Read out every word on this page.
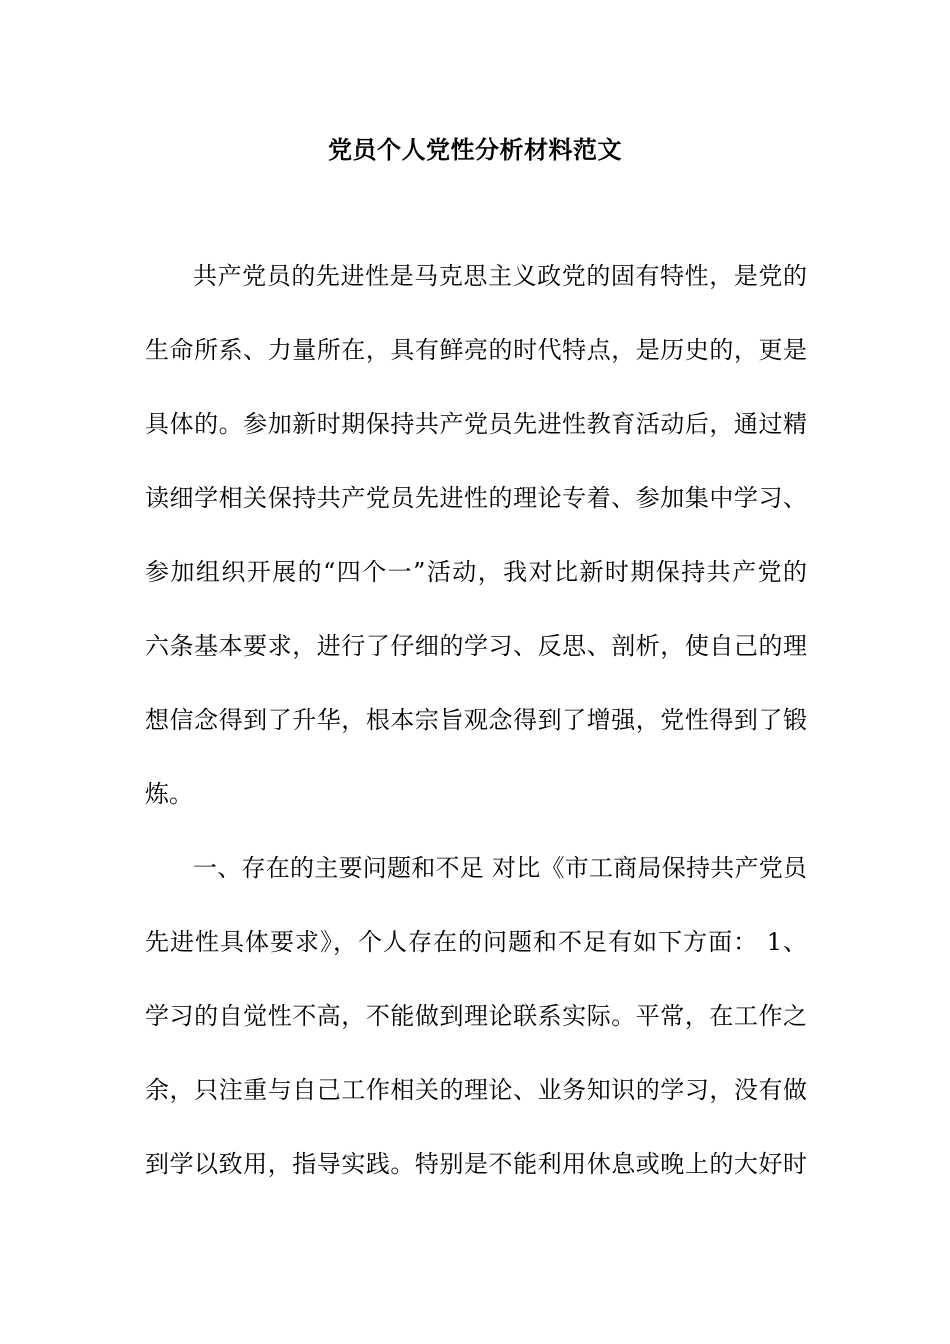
党员个人党性分析材料范文
共产党员的先进性是马克思主义政党的固有特性，是党的
生命所系、力量所在，具有鲜亮的时代特点，是历史的，更是
具体的。参加新时期保持共产党员先进性教育活动后，通过精
读细学相关保持共产党员先进性的理论专着、参加集中学习、
参加组织开展的“四个一”活动，我对比新时期保持共产党的
六条基本要求，进行了仔细的学习、反思、剖析，使自己的理
想信念得到了升华，根本宗旨观念得到了增强，党性得到了锻
炼。
一、存在的主要问题和不足 对比《市工商局保持共产党员
先进性具体要求》，个人存在的问题和不足有如下方面： 1、
学习的自觉性不高，不能做到理论联系实际。平常，在工作之
余，只注重与自己工作相关的理论、业务知识的学习，没有做
到学以致用，指导实践。特别是不能利用休息或晚上的大好时
